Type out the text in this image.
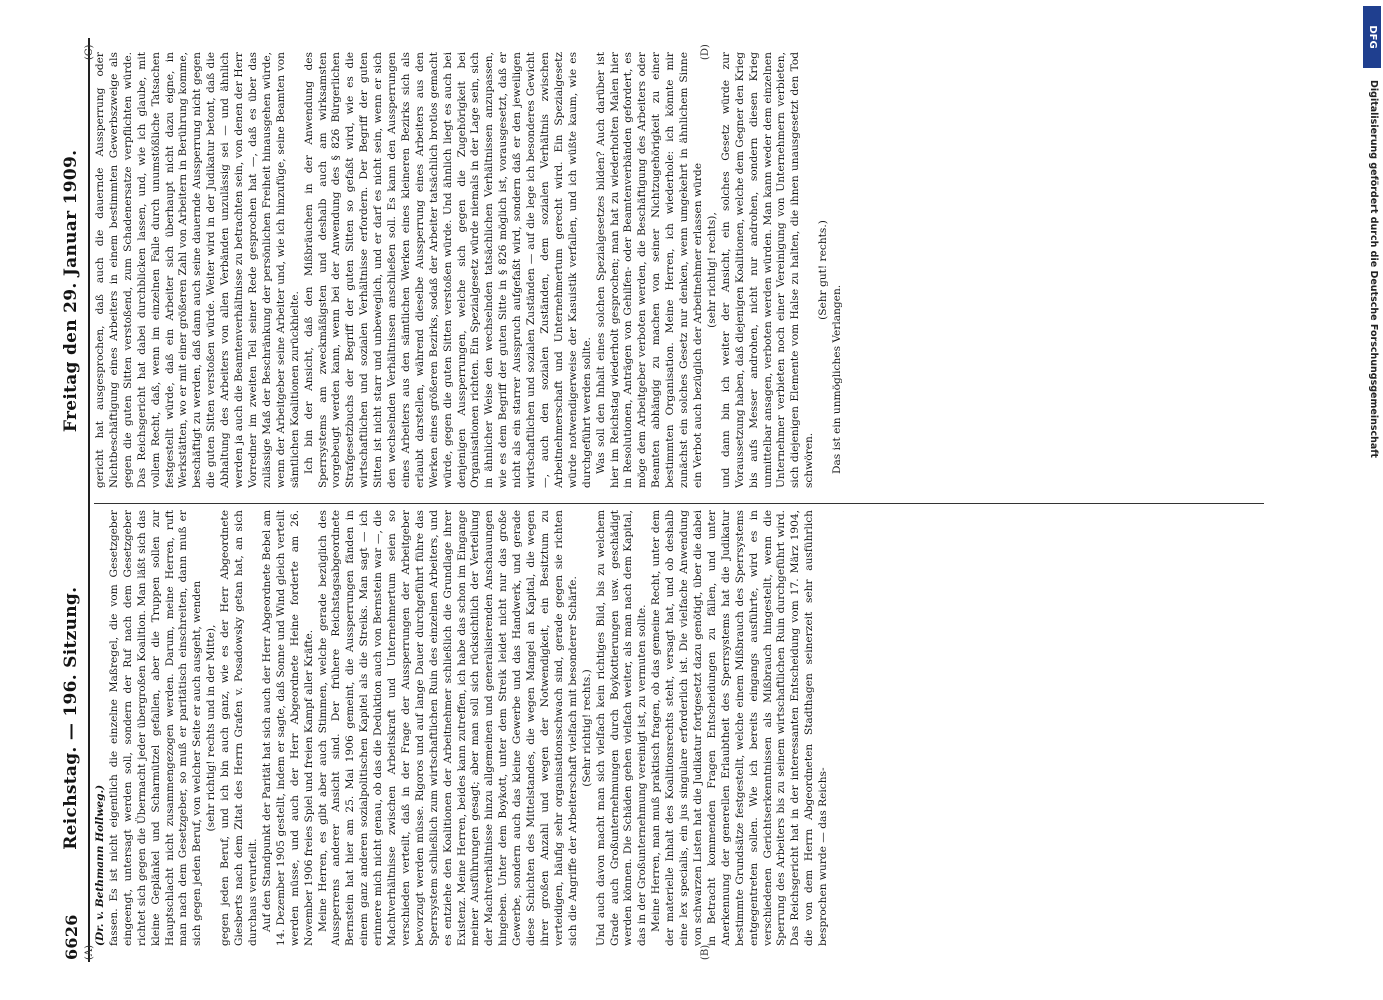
6626
Reichstag. — 196. Sitzung.
Freitag den 29. Januar 1909.
(A)	(B)
(C)	(D)

(Dr. v. Bethmann Hollweg.) fassen. Es ist nicht eigentlich die einzelne Maßregel, die vom Gesetzgeber eingeengt, untersagt werden soll, sondern der Ruf nach dem Gesetzgeber richtet sich gegen die Übermacht jeder übergroßen Koalition. Man läßt sich das kleine Geplänkel und Scharmützel gefallen, aber die Truppen sollen zur Hauptschlacht nicht zusammengezogen werden. Darum, meine Herren, ruft man nach dem Gesetzgeber, so muß er paritätisch einschreiten, dann muß er sich gegen jeden Beruf, von welcher Seite er auch ausgeht, wenden (sehr richtig! rechts und in der Mitte), gegen jeden Beruf, und ich bin auch ganz, wie es der Herr Abgeordnete Giesberts nach dem Zitat des Herrn Grafen v. Posadowsky getan hat, an sich durchaus verurteilt. Auf den Standpunkt der Parität hat sich auch der Herr Abgeordnete Bebel am 14. Dezember 1905 gestellt, indem er sagte, daß Sonne und Wind gleich verteilt werden müsse, und auch der Herr Abgeordnete Heine forderte am 26. November 1906 freies Spiel und freien Kampf aller Kräfte. Meine Herren, es gibt aber auch Stimmen, welche gerade bezüglich des Aussperrens anderer Ansicht sind. Der frühere Reichstagsabgeordnete Bernstein hat hier am 25. Mai 1906 gemeint, die Aussperrungen fänden in einem ganz anderen sozialpolitischen Kapitel als die Streiks. Man sagt — ich erinnere mich nicht genau, ob das die Deduktion auch von Bernstein war —, die Machtverhältnisse zwischen Arbeitskraft und Unternehmertum seien so verschieden verteilt, daß in der Frage der Aussperrungen der Arbeitgeber bevorzugt werden müsse. Rigoros und auf lange Dauer durchgeführt führe das Sperrsystem schließlich zum wirtschaftlichen Ruin des einzelnen Arbeiters, und es entziehe den Koalitionen der Arbeitnehmer schließlich die Grundlage ihrer Existenz. Meine Herren, beides kann zutreffen, ich habe das schon im Eingange meiner Ausführungen gesagt; aber man soll sich rücksichtlich der Verteilung der Machtverhältnisse hinzu allgemeinen und generalisierenden Anschauungen hingeben. Unter dem Boykott, unter dem Streik leidet nicht nur das große Gewerbe, sondern auch das kleine Gewerbe und das Handwerk, und gerade diese Schichten des Mittelstandes, die wegen Mangel an Kapital, die wegen ihrer großen Anzahl und wegen der Notwendigkeit, ein Besitztum zu verteidigen, häufig sehr organisationsschwach sind, gerade gegen sie richten sich die Angriffe der Arbeiterschaft vielfach mit besonderer Schärfe. (Sehr richtig! rechts.) Und auch davon macht man sich vielfach kein richtiges Bild, bis zu welchem Grade auch Großunternehmungen durch Boykottierungen usw. geschädigt werden können. Die Schäden gehen vielfach weiter, als man nach dem Kapital, das in der Großunternehmung vereinigt ist, zu vermuten sollte. Meine Herren, man muß praktisch fragen, ob das gemeine Recht, unter dem der materielle Inhalt des Koalitionsrechts steht, versagt hat, und ob deshalb eine lex specialis, ein jus singulare erforderlich ist. Die vielfache Anwendung von schwarzen Listen hat die Judikatur fortgesetzt dazu genötigt, über die dabei in Betracht kommenden Fragen Entscheidungen zu fällen, und unter Anerkennung der generellen Erlaubtheit des Sperrsystems hat die Judikatur bestimmte Grundsätze festgestellt, welche einem Mißbrauch des Sperrsystems entgegentreten sollen. Wie ich bereits eingangs ausführte, wird es in verschiedenen Gerichtserkenntnissen als Mißbrauch hingestellt, wenn die Sperrung des Arbeiters bis zu seinem wirtschaftlichen Ruin durchgeführt wird. Das Reichsgericht hat in der interessanten Entscheidung vom 17. März 1904, die von dem Herrn Abgeordneten Stadthagen seinerzeit sehr ausführlich besprochen wurde — das Reichs-

gericht hat ausgesprochen, daß auch die dauernde Aussperrung oder Nichtbeschäftigung eines Arbeiters in einem bestimmten Gewerbszweige als gegen die guten Sitten verstoßend, zum Schadenersatze verpflichten würde. Das Reichsgericht hat dabei durchblicken lassen, und, wie ich glaube, mit vollem Recht, daß, wenn im einzelnen Falle durch unumstößliche Tatsachen festgestellt würde, daß ein Arbeiter sich überhaupt nicht dazu eigne, in Werkstätten, wo er mit einer größeren Zahl von Arbeitern in Berührung komme, beschäftigt zu werden, daß dann auch seine dauernde Aussperrung nicht gegen die guten Sitten verstoßen würde. Weiter wird in der Judikatur betont, daß die Abhaltung des Arbeiters von allen Verbänden unzulässig sei — und ähnlich werden ja auch die Beamtenverhältnisse zu betrachten sein, von denen der Herr Vorredner im zweiten Teil seiner Rede gesprochen hat —, daß es über das zulässige Maß der Beschränkung der persönlichen Freiheit hinausgehen würde, wenn der Arbeitgeber seine Arbeiter und, wie ich hinzufüge, seine Beamten von sämtlichen Koalitionen zurückhielte. Ich bin der Ansicht, daß den Mißbräuchen in der Anwendung des Sperrsystems am zweckmäßigsten und deshalb auch am wirksamsten vorgebeugt werden kann, wenn bei der Anwendung des § 826 Bürgerlichen Strafgesetzbuchs der Begriff der guten Sitten so gefaßt wird, wie es die wirtschaftlichen und sozialen Verhältnisse erfordern. Der Begriff der guten Sitten ist nicht starr und unbeweglich, und er darf es nicht sein, wenn er sich den wechselnden Verhältnissen anschließen soll. Es kann den Aussperrungen eines Arbeiters aus den sämtlichen Werken eines kleineren Bezirks sich als erlaubt darstellen, während dieselbe Aussperrung eines Arbeiters aus den Werken eines größeren Bezirks, sodaß der Arbeiter tatsächlich brotlos gemacht würde, gegen die guten Sitten verstoßen würde. Und ähnlich liegt es auch bei denjenigen Aussperrungen, welche sich gegen die Zugehörigkeit bei Organisationen richten. Ein Spezialgesetz würde niemals in der Lage sein, sich in ähnlicher Weise den wechselnden tatsächlichen Verhältnissen anzupassen, wie es dem Begriff der guten Sitte in § 826 möglich ist, vorausgesetzt, daß er nicht als ein starrer Ausspruch aufgefaßt wird, sondern daß er den jeweiligen wirtschaftlichen und sozialen Zuständen — auf die lege ich besonderes Gewicht —, auch den sozialen Zuständen, dem sozialen Verhältnis zwischen Arbeitnehmerschaft und Unternehmertum gerecht wird. Ein Spezialgesetz würde notwendigerweise der Kasuistik verfallen, und ich wüßte kaum, wie es durchgeführt werden sollte. Was soll den Inhalt eines solchen Spezialgesetzes bilden? Auch darüber ist hier im Reichstag wiederholt gesprochen; man hat zu wiederholten Malen hier in Resolutionen, Anträgen von Gehilfen- oder Beamtenverbänden gefordert, es möge dem Arbeitgeber verboten werden, die Beschäftigung des Arbeiters oder Beamten abhängig zu machen von seiner Nichtzugehörigkeit zu einer bestimmten Organisation. Meine Herren, ich wiederhole: ich könnte mir zunächst ein solches Gesetz nur denken, wenn umgekehrt in ähnlichem Sinne ein Verbot auch bezüglich der Arbeitnehmer erlassen würde (sehr richtig! rechts), und dann bin ich weiter der Ansicht, ein solches Gesetz würde zur Voraussetzung haben, daß diejenigen Koalitionen, welche dem Gegner den Krieg bis aufs Messer androhen, nicht nur androhen, sondern diesen Krieg unmittelbar ansagen, verboten werden würden. Man kann weder dem einzelnen Unternehmer verbieten noch einer Vereinigung von Unternehmern verbieten, sich diejenigen Elemente vom Halse zu halten, die ihnen unausgesetzt den Tod schwören.

(Sehr gut! rechts.)

Das ist ein unmögliches Verlangen.

DFG
Digitalisierung gefördert durch die Deutsche Forschungsgemeinschaft
